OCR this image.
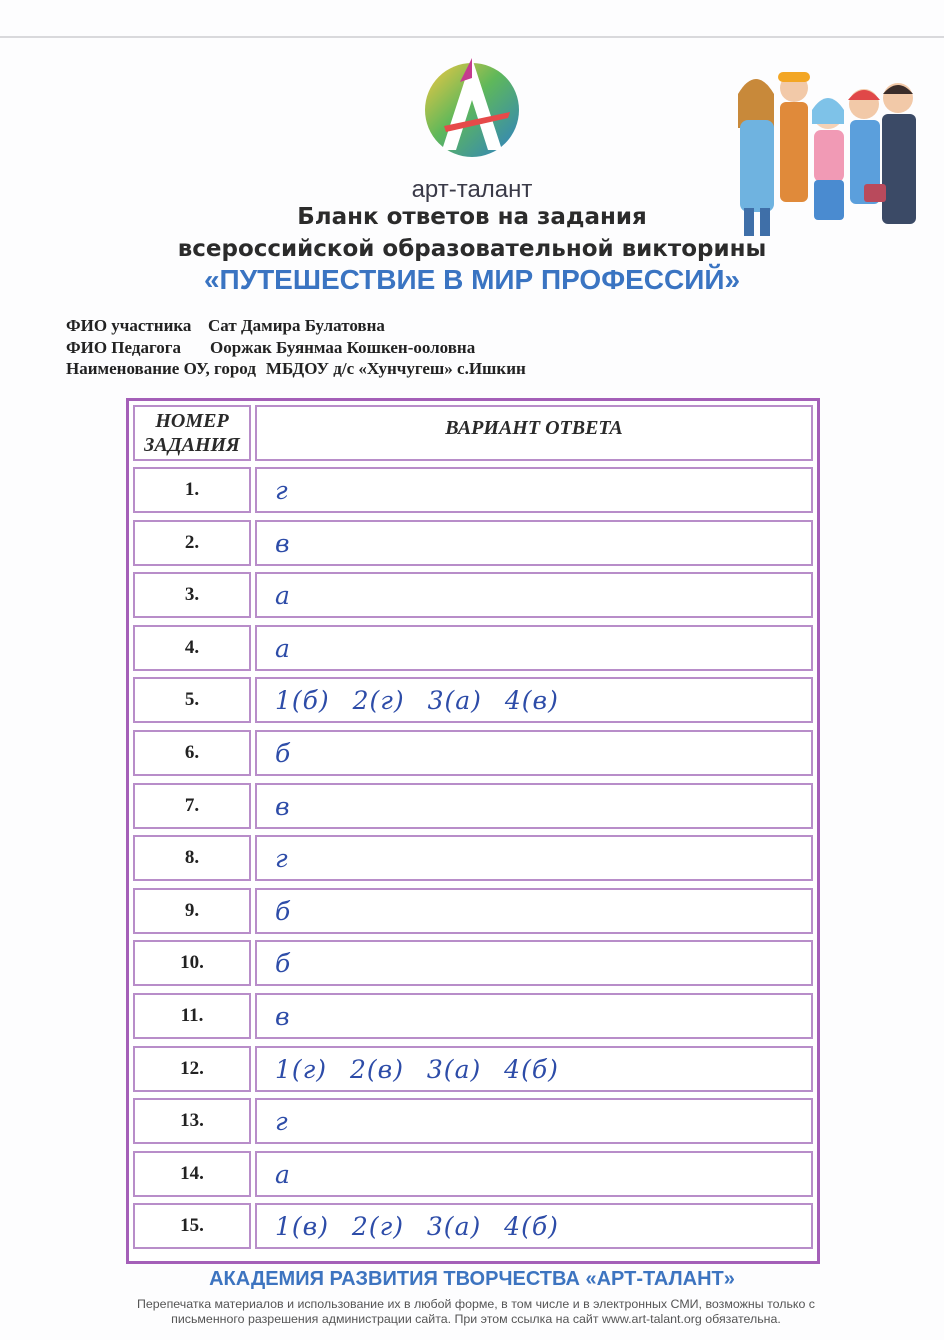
арт-талант
Бланк ответов на задания
всероссийской образовательной викторины
«ПУТЕШЕСТВИЕ В МИР ПРОФЕССИЙ»
ФИО участника Сат Дамира Булатовна
ФИО Педагога Ооржак Буянмаа Кошкен-ооловна
Наименование ОУ, город МБДОУ д/с «Хунчугеш» с.Ишкин
НОМЕР
ЗАДАНИЯ
ВАРИАНТ ОТВЕТА
1.	г
2.	в
3.	а
4.	а
5.	1(б) 2(г) 3(а) 4(в)
6.	б
7.	в
8.	г
9.	б
10.	б
11.	в
12.	1(г) 2(в) 3(а) 4(б)
13.	г
14.	а
15.	1(в) 2(г) 3(а) 4(б)
АКАДЕМИЯ РАЗВИТИЯ ТВОРЧЕСТВА «АРТ-ТАЛАНТ»
Перепечатка материалов и использование их в любой форме, в том числе и в электронных СМИ, возможны только с
письменного разрешения администрации сайта. При этом ссылка на сайт www.art-talant.org обязательна.
